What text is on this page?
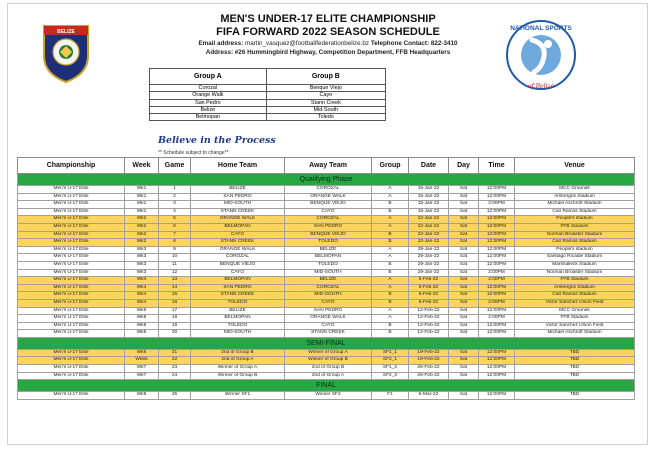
BELIZE	NATIONAL SPORTS
of Belize
MEN'S UNDER-17 ELITE CHAMPIONSHIP
FIFA FORWARD 2022 SEASON SCHEDULE
Email address: martin_vasquez@footballfederationbelize.bz Telephone Contact: 822-3410
Address: #26 Hummingbird Highway, Competition Department, FFB Headquarters
Group A	Group B
Corozal	Benque Viejo
Orange Walk	Cayo
San Pedro	Stann Creek
Belize	Mid-South
Belmopan	Toledo
Believe in the Process
** Schedule subject to change**
Championship	Week	Game	Home Team	Away Team	Group	Date	Day	Time	Venue
Qualifying Phase									
Men's U-17 Elite	Wk1	1	BELIZE	COROZAL	A	15-Jan-22	Sat	12:00PM	MCC Grounds
Men's U-17 Elite	Wk1	2	SAN PEDRO	ORANGE WALK	A	15-Jan-22	Sat	12:00PM	Ambergris Stadium
Men's U-17 Elite	Wk1	3	MID-SOUTH	BENQUE VIEJO	B	15-Jan-22	Sat	2:00PM	Michael Aschroft Stadium
Men's U-17 Elite	Wk1	4	STANN CREEK	CAYO	B	15-Jan-22	Sat	12:00PM	Carl Ramos Stadium
Men's U-17 Elite	Wk2	5	ORANGE WALK	COROZAL	A	22-Jan-22	Sat	12:00PM	People's stadium
Men's U-17 Elite	Wk2	6	BELMOPAN	SAN PEDRO	A	22-Jan-22	Sat	12:00PM	FFB Stadium
Men's U-17 Elite	Wk2	7	CAYO	BENQUE VIEJO	B	22-Jan-22	Sat	12:00PM	Norman Broaster Stadium
Men's U-17 Elite	Wk2	8	STANN CREEK	TOLEDO	B	22-Jan-22	Sat	12:00PM	Carl Ramos Stadium
Men's U-17 Elite	Wk3	9	ORANGE WALK	BELIZE	A	29-Jan-22	Sat	12:00PM	People's stadium
Men's U-17 Elite	Wk3	10	COROZAL	BELMOPAN	A	29-Jan-22	Sat	12:00PM	Santiago Ricalde Stadium
Men's U-17 Elite	Wk3	11	BENQUE VIEJO	TOLEDO	B	29-Jan-22	Sat	12:00PM	Marshalleck Stadium
Men's U-17 Elite	Wk3	12	CAYO	MID-SOUTH	B	29-Jan-22	Sat	2:00PM	Norman Broaster Stadium
Men's U-17 Elite	Wk4	13	BELMOPAN	BELIZE	A	5-Feb-22	Sat	2:00PM	FFB Stadium
Men's U-17 Elite	Wk4	14	SAN PEDRO	COROZAL	A	5-Feb-22	Sat	12:00PM	Ambergris Stadium
Men's U-17 Elite	Wk4	15	STANN CREEK	MID-SOUTH	B	5-Feb-22	Sat	12:00PM	Carl Ramos Stadium
Men's U-17 Elite	Wk4	16	TOLEDO	CAYO	B	5-Feb-22	Sat	2:00PM	Victor Sanchez Union Field
Men's U-17 Elite	Wk5	17	BELIZE	SAN PEDRO	A	12-Feb-22	Sat	12:00PM	MCC Grounds
Men's U-17 Elite	Wk5	18	BELMOPAN	ORANGE WALK	A	12-Feb-22	Sat	2:00PM	FFB Stadium
Men's U-17 Elite	Wk5	19	TOLEDO	CAYO	B	12-Feb-22	Sat	12:00PM	Victor Sanchez Union Field
Men's U-17 Elite	Wk5	20	MID-SOUTH	STANN CREEK	B	12-Feb-22	Sat	12:00PM	Michael Aschroft Stadium
SEMI-FINAL									
Men's U-17 Elite	Wk6	21	2nd of Group B	Winner of Group A	SF1_1	19-Feb-22	Sat	12:00PM	TBD
Men's U-17 Elite	Wk66	22	2nd of Group A	Winner of Group B	SF2_1	19-Feb-22	Sat	12:00PM	TBD
Men's U-17 Elite	Wk7	23	Winner of Group A	2nd of Group B	SF1_2	26-Feb-22	Sat	12:00PM	TBD
Men's U-17 Elite	Wk7	24	Winner of Group B	2nd of Group A	SF2_2	26-Feb-22	Sat	12:00PM	TBD
FINAL									
Men's U-17 Elite	Wk8	25	Winner SF1	Winner SF2	F1	5-Mar-22	Sat	12:00PM	TBD
